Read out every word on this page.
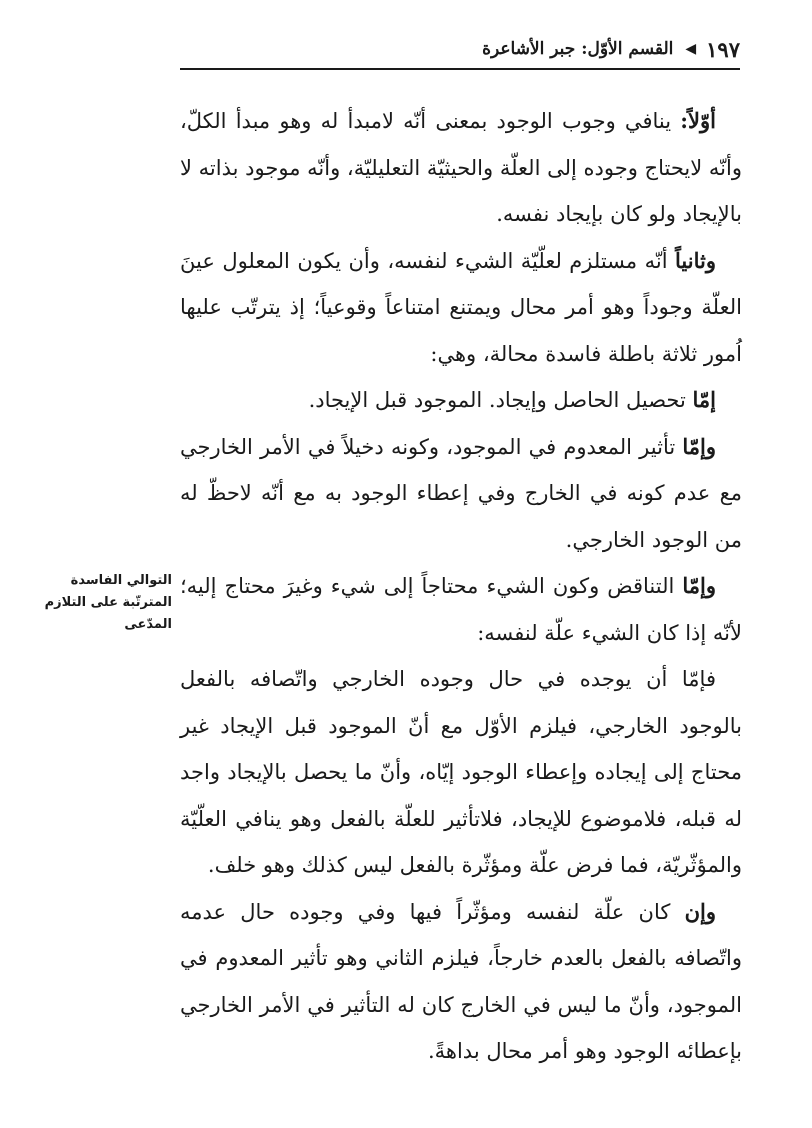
١٩٧
◀
القسم الأوّل: جبر الأشاعرة
التوالي الفاسدة المترتّبة على التلازم المدّعى

أوّلاً: ينافي وجوب الوجود بمعنى أنّه لامبدأ له وهو مبدأ الكلّ، وأنّه لايحتاج وجوده إلى العلّة والحيثيّة التعليليّة، وأنّه موجود بذاته لا بالإيجاد ولو كان بإيجاد نفسه.

وثانياً أنّه مستلزم لعلّيّة الشيء لنفسه، وأن يكون المعلول عينَ العلّة وجوداً وهو أمر محال ويمتنع امتناعاً وقوعياً؛ إذ يترتّب عليها اُمور ثلاثة باطلة فاسدة محالة، وهي:

إمّا تحصيل الحاصل وإيجاد. الموجود قبل الإيجاد.

وإمّا تأثير المعدوم في الموجود، وكونه دخيلاً في الأمر الخارجي مع عدم كونه في الخارج وفي إعطاء الوجود به مع أنّه لاحظّ له من الوجود الخارجي.

وإمّا التناقض وكون الشيء محتاجاً إلى شيء وغيرَ محتاج إليه؛ لأنّه إذا كان الشيء علّة لنفسه:

فإمّا أن يوجده في حال وجوده الخارجي واتّصافه بالفعل بالوجود الخارجي، فيلزم الأوّل مع أنّ الموجود قبل الإيجاد غير محتاج إلى إيجاده وإعطاء الوجود إيّاه، وأنّ ما يحصل بالإيجاد واجد له قبله، فلاموضوع للإيجاد، فلاتأثير للعلّة بالفعل وهو ينافي العلّيّة والمؤثّريّة، فما فرض علّة ومؤثّرة بالفعل ليس كذلك وهو خلف.

وإن كان علّة لنفسه ومؤثّراً فيها وفي وجوده حال عدمه واتّصافه بالفعل بالعدم خارجاً، فيلزم الثاني وهو تأثير المعدوم في الموجود، وأنّ ما ليس في الخارج كان له التأثير في الأمر الخارجي بإعطائه الوجود وهو أمر محال بداهةً.
